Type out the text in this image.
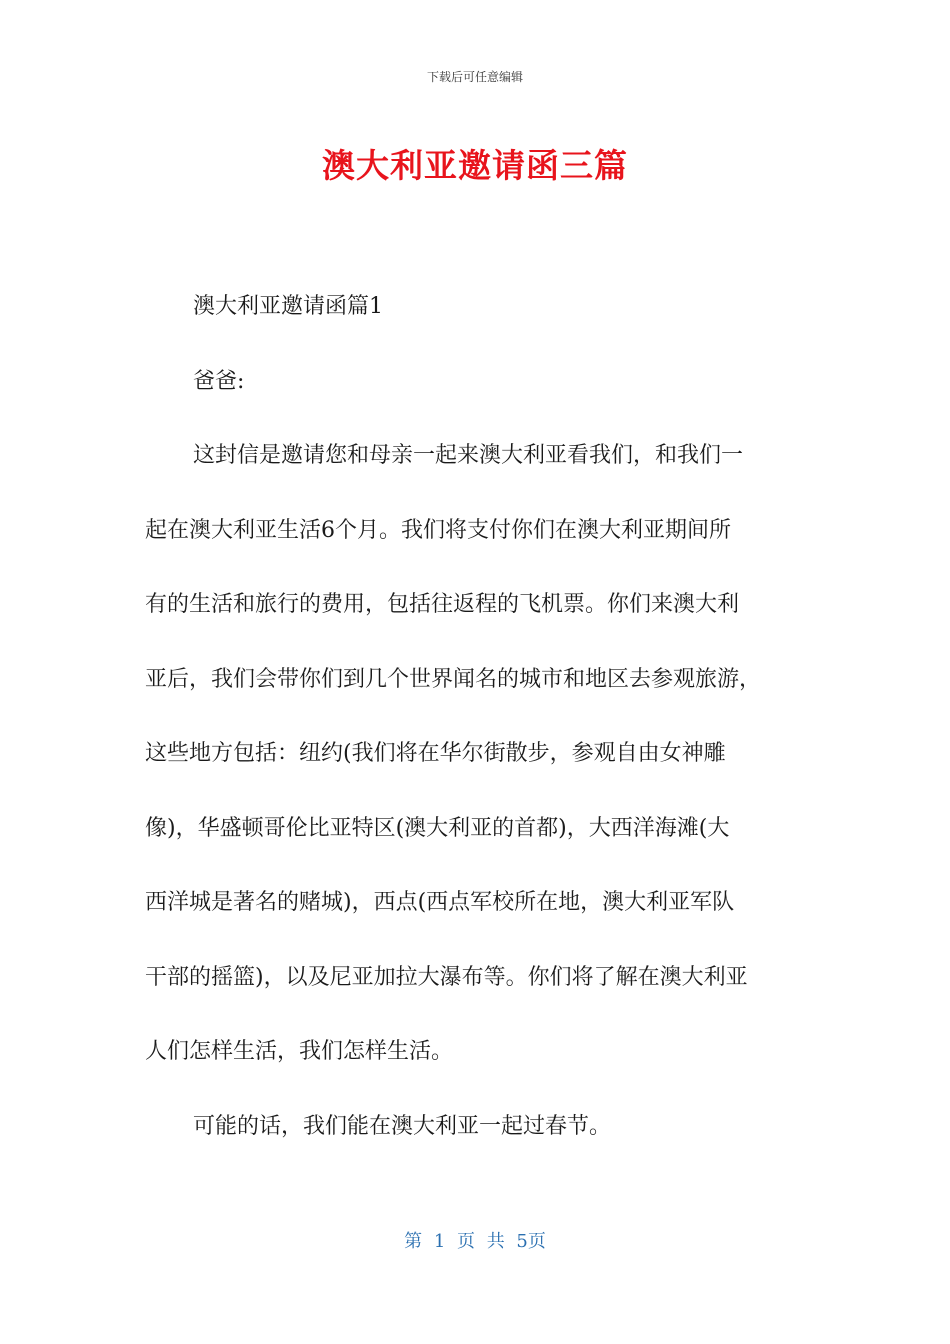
下载后可任意编辑
澳大利亚邀请函三篇
澳大利亚邀请函篇1
爸爸:
这封信是邀请您和母亲一起来澳大利亚看我们，和我们一
起在澳大利亚生活6个月。我们将支付你们在澳大利亚期间所
有的生活和旅行的费用，包括往返程的飞机票。你们来澳大利
亚后，我们会带你们到几个世界闻名的城市和地区去参观旅游，
这些地方包括：纽约(我们将在华尔街散步，参观自由女神雕
像)，华盛顿哥伦比亚特区(澳大利亚的首都)，大西洋海滩(大
西洋城是著名的赌城)，西点(西点军校所在地，澳大利亚军队
干部的摇篮)，以及尼亚加拉大瀑布等。你们将了解在澳大利亚
人们怎样生活，我们怎样生活。
可能的话，我们能在澳大利亚一起过春节。
第 1 页 共 5页
